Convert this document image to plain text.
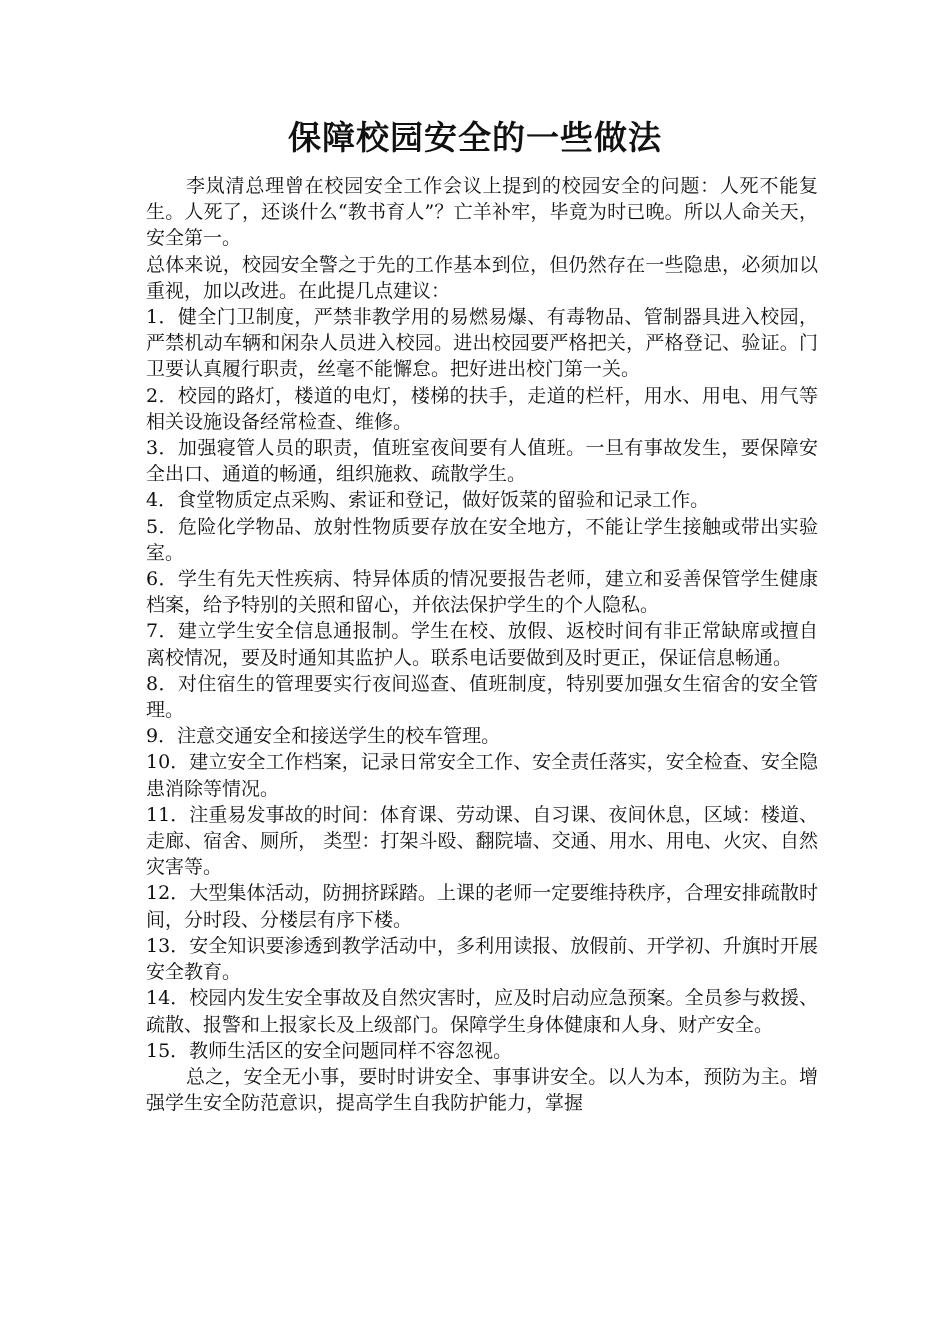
保障校园安全的一些做法

李岚清总理曾在校园安全工作会议上提到的校园安全的问题：人死不能复生。人死了，还谈什么“教书育人”？亡羊补牢，毕竟为时已晚。所以人命关天，安全第一。

总体来说，校园安全警之于先的工作基本到位，但仍然存在一些隐患，必须加以重视，加以改进。在此提几点建议：

1．健全门卫制度，严禁非教学用的易燃易爆、有毒物品、管制器具进入校园，严禁机动车辆和闲杂人员进入校园。进出校园要严格把关，严格登记、验证。门卫要认真履行职责，丝毫不能懈怠。把好进出校门第一关。

2．校园的路灯，楼道的电灯，楼梯的扶手，走道的栏杆，用水、用电、用气等相关设施设备经常检查、维修。

3．加强寝管人员的职责，值班室夜间要有人值班。一旦有事故发生，要保障安全出口、通道的畅通，组织施救、疏散学生。

4．食堂物质定点采购、索证和登记，做好饭菜的留验和记录工作。

5．危险化学物品、放射性物质要存放在安全地方，不能让学生接触或带出实验室。

6．学生有先天性疾病、特异体质的情况要报告老师，建立和妥善保管学生健康档案，给予特别的关照和留心，并依法保护学生的个人隐私。

7．建立学生安全信息通报制。学生在校、放假、返校时间有非正常缺席或擅自离校情况，要及时通知其监护人。联系电话要做到及时更正，保证信息畅通。

8．对住宿生的管理要实行夜间巡查、值班制度，特别要加强女生宿舍的安全管理。

9．注意交通安全和接送学生的校车管理。

10．建立安全工作档案，记录日常安全工作、安全责任落实，安全检查、安全隐患消除等情况。

11．注重易发事故的时间：体育课、劳动课、自习课、夜间休息，区域：楼道、走廊、宿舍、厕所， 类型：打架斗殴、翻院墙、交通、用水、用电、火灾、自然灾害等。

12．大型集体活动，防拥挤踩踏。上课的老师一定要维持秩序，合理安排疏散时间，分时段、分楼层有序下楼。

13．安全知识要渗透到教学活动中，多利用读报、放假前、开学初、升旗时开展安全教育。

14．校园内发生安全事故及自然灾害时，应及时启动应急预案。全员参与救援、疏散、报警和上报家长及上级部门。保障学生身体健康和人身、财产安全。

15．教师生活区的安全问题同样不容忽视。

总之，安全无小事，要时时讲安全、事事讲安全。以人为本，预防为主。增强学生安全防范意识，提高学生自我防护能力，掌握
